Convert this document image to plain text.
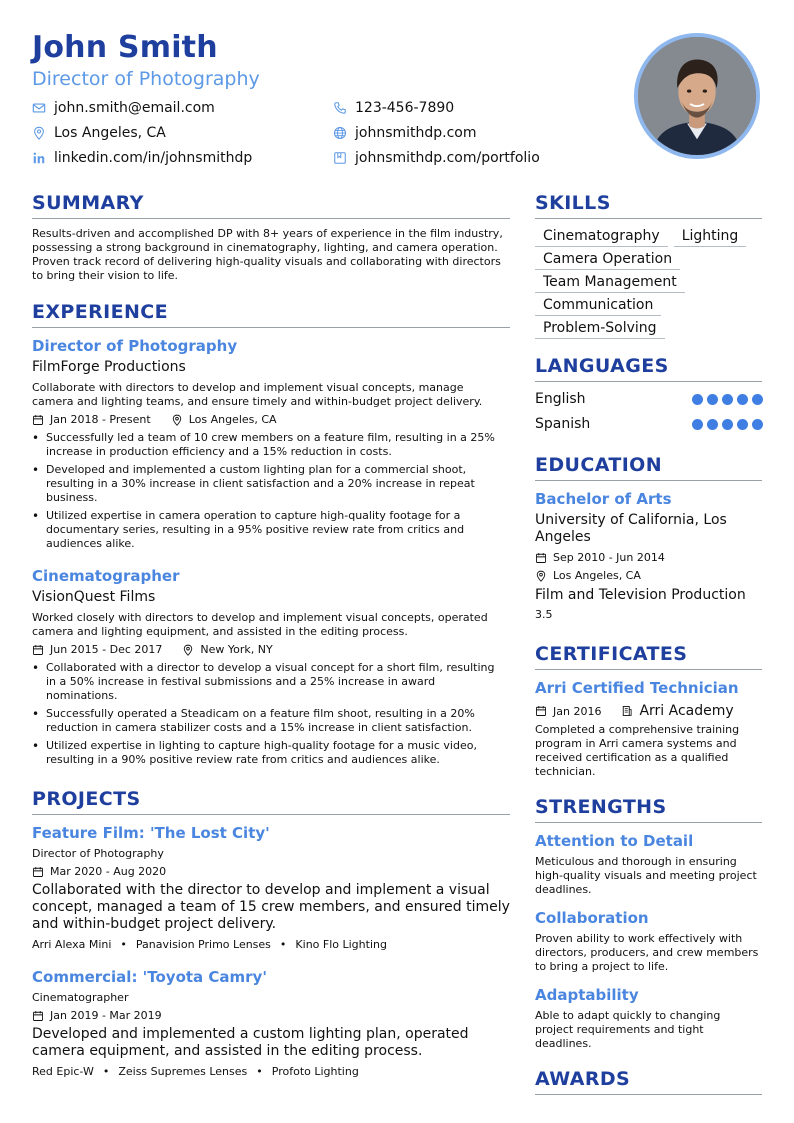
John Smith
Director of Photography
john.smith@email.com	123-456-7890
Los Angeles, CA	johnsmithdp.com
linkedin.com/in/johnsmithdp	johnsmithdp.com/portfolio
SUMMARY
Results-driven and accomplished DP with 8+ years of experience in the film industry, possessing a strong background in cinematography, lighting, and camera operation. Proven track record of delivering high-quality visuals and collaborating with directors to bring their vision to life.
EXPERIENCE
Director of Photography
FilmForge Productions
Collaborate with directors to develop and implement visual concepts, manage camera and lighting teams, and ensure timely and within-budget project delivery.
Jan 2018 - Present	Los Angeles, CA
• Successfully led a team of 10 crew members on a feature film, resulting in a 25% increase in production efficiency and a 15% reduction in costs.
• Developed and implemented a custom lighting plan for a commercial shoot, resulting in a 30% increase in client satisfaction and a 20% increase in repeat business.
• Utilized expertise in camera operation to capture high-quality footage for a documentary series, resulting in a 95% positive review rate from critics and audiences alike.
Cinematographer
VisionQuest Films
Worked closely with directors to develop and implement visual concepts, operated camera and lighting equipment, and assisted in the editing process.
Jun 2015 - Dec 2017	New York, NY
• Collaborated with a director to develop a visual concept for a short film, resulting in a 50% increase in festival submissions and a 25% increase in award nominations.
• Successfully operated a Steadicam on a feature film shoot, resulting in a 20% reduction in camera stabilizer costs and a 15% increase in client satisfaction.
• Utilized expertise in lighting to capture high-quality footage for a music video, resulting in a 90% positive review rate from critics and audiences alike.
PROJECTS
Feature Film: 'The Lost City'
Director of Photography
Mar 2020 - Aug 2020
Collaborated with the director to develop and implement a visual concept, managed a team of 15 crew members, and ensured timely and within-budget project delivery.
Arri Alexa Mini • Panavision Primo Lenses • Kino Flo Lighting
Commercial: 'Toyota Camry'
Cinematographer
Jan 2019 - Mar 2019
Developed and implemented a custom lighting plan, operated camera equipment, and assisted in the editing process.
Red Epic-W • Zeiss Supremes Lenses • Profoto Lighting
SKILLS
Cinematography	Lighting
Camera Operation
Team Management
Communication
Problem-Solving
LANGUAGES
English
Spanish
EDUCATION
Bachelor of Arts
University of California, Los Angeles
Sep 2010 - Jun 2014
Los Angeles, CA
Film and Television Production
3.5
CERTIFICATES
Arri Certified Technician
Jan 2016	Arri Academy
Completed a comprehensive training program in Arri camera systems and received certification as a qualified technician.
STRENGTHS
Attention to Detail
Meticulous and thorough in ensuring high-quality visuals and meeting project deadlines.
Collaboration
Proven ability to work effectively with directors, producers, and crew members to bring a project to life.
Adaptability
Able to adapt quickly to changing project requirements and tight deadlines.
AWARDS
